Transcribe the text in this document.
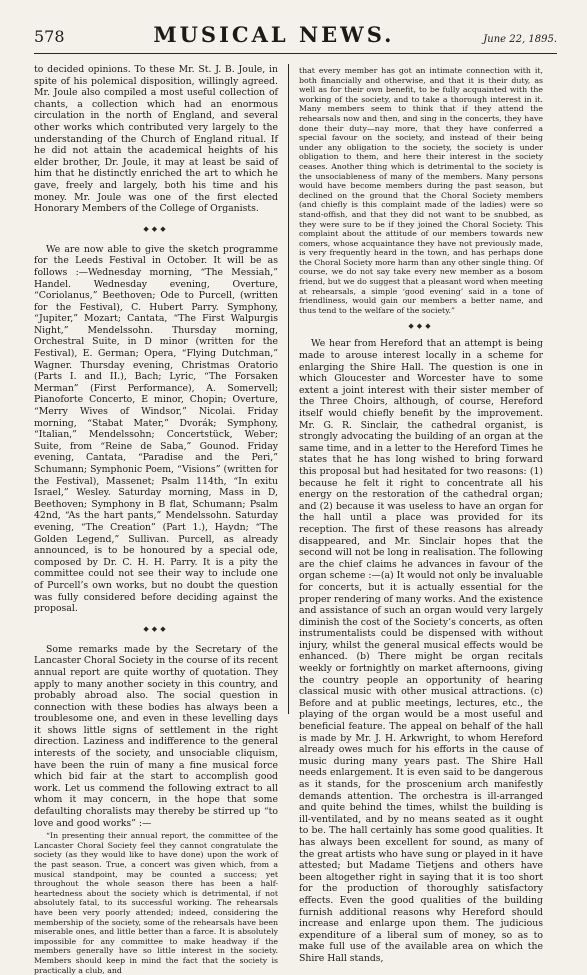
578	MUSICAL NEWS.	June 22, 1895.

to decided opinions. To these Mr. St. J. B. Joule, in spite of his polemical disposition, willingly agreed. Mr. Joule also compiled a most useful collection of chants, a collection which had an enormous circulation in the north of England, and several other works which contributed very largely to the understanding of the Church of England ritual. If he did not attain the academical heights of his elder brother, Dr. Joule, it may at least be said of him that he distinctly enriched the art to which he gave, freely and largely, both his time and his money. Mr. Joule was one of the first elected Honorary Members of the College of Organists.

◆◆◆

We are now able to give the sketch programme for the Leeds Festival in October. It will be as follows :—Wednesday morning, “The Messiah,” Handel. Wednesday evening, Overture, “Coriolanus,” Beethoven; Ode to Purcell, (written for the Festival), C. Hubert Parry. Symphony, “Jupiter,” Mozart; Cantata, “The First Walpurgis Night,” Mendelssohn. Thursday morning, Orchestral Suite, in D minor (written for the Festival), E. German; Opera, “Flying Dutchman,” Wagner. Thursday evening, Christmas Oratorio (Parts I. and II.), Bach; Lyric, “The Forsaken Merman” (First Performance), A. Somervell; Pianoforte Concerto, E minor, Chopin; Overture, “Merry Wives of Windsor,” Nicolai. Friday morning, “Stabat Mater,” Dvorák; Symphony, “Italian,” Mendelssohn; Concertstück, Weber; Suite, from “Reine de Saba,” Gounod. Friday evening, Cantata, “Paradise and the Peri,” Schumann; Symphonic Poem, “Visions” (written for the Festival), Massenet; Psalm 114th, “In exitu Israel,” Wesley. Saturday morning, Mass in D, Beethoven; Symphony in B flat, Schumann; Psalm 42nd, “As the hart pants,” Mendelssohn. Saturday evening, “The Creation” (Part 1.), Haydn; “The Golden Legend,” Sullivan. Purcell, as already announced, is to be honoured by a special ode, composed by Dr. C. H. H. Parry. It is a pity the committee could not see their way to include one of Purcell’s own works, but no doubt the question was fully considered before deciding against the proposal.

◆◆◆

Some remarks made by the Secretary of the Lancaster Choral Society in the course of its recent annual report are quite worthy of quotation. They apply to many another society in this country, and probably abroad also. The social question in connection with these bodies has always been a troublesome one, and even in these levelling days it shows little signs of settlement in the right direction. Laziness and indifference to the general interests of the society, and unsociable cliquism, have been the ruin of many a fine musical force which bid fair at the start to accomplish good work. Let us commend the following extract to all whom it may concern, in the hope that some defaulting choralists may thereby be stirred up “to love and good works” :—

“In presenting their annual report, the committee of the Lancaster Choral Society feel they cannot congratulate the society (as they would like to have done) upon the work of the past season. True, a concert was given which, from a musical standpoint, may be counted a success; yet throughout the whole season there has been a half-heartedness about the society which is detrimental, if not absolutely fatal, to its successful working. The rehearsals have been very poorly attended; indeed, considering the membership of the society, some of the rehearsals have been miserable ones, and little better than a farce. It is absolutely impossible for any committee to make headway if the members generally have so little interest in the society. Members should keep in mind the fact that the society is practically a club, and

that every member has got an intimate connection with it, both financially and otherwise, and that it is their duty, as well as for their own benefit, to be fully acquainted with the working of the society, and to take a thorough interest in it. Many members seem to think that if they attend the rehearsals now and then, and sing in the concerts, they have done their duty—nay more, that they have conferred a special favour on the society, and instead of their being under any obligation to the society, the society is under obligation to them, and here their interest in the society ceases. Another thing which is detrimental to the society is the unsociableness of many of the members. Many persons would have become members during the past season, but declined on the ground that the Choral Society members (and chiefly is this complaint made of the ladies) were so stand-offish, and that they did not want to be snubbed, as they were sure to be if they joined the Choral Society. This complaint about the attitude of our members towards new comers, whose acquaintance they have not previously made, is very frequently heard in the town, and has perhaps done the Choral Society more harm than any other single thing. Of course, we do not say take every new member as a bosom friend, but we do suggest that a pleasant word when meeting at rehearsals, a simple ‘good evening’ said in a tone of friendliness, would gain our members a better name, and thus tend to the welfare of the society.”

◆◆◆

We hear from Hereford that an attempt is being made to arouse interest locally in a scheme for enlarging the Shire Hall. The question is one in which Gloucester and Worcester have to some extent a joint interest with their sister member of the Three Choirs, although, of course, Hereford itself would chiefly benefit by the improvement. Mr. G. R. Sinclair, the cathedral organist, is strongly advocating the building of an organ at the same time, and in a letter to the Hereford Times he states that he has long wished to bring forward this proposal but had hesitated for two reasons: (1) because he felt it right to concentrate all his energy on the restoration of the cathedral organ; and (2) because it was useless to have an organ for the hall until a place was provided for its reception. The first of these reasons has already disappeared, and Mr. Sinclair hopes that the second will not be long in realisation. The following are the chief claims he advances in favour of the organ scheme :—(a) It would not only be invaluable for concerts, but it is actually essential for the proper rendering of many works. And the existence and assistance of such an organ would very largely diminish the cost of the Society’s concerts, as often instrumentalists could be dispensed with without injury, whilst the general musical effects would be enhanced. (b) There might be organ recitals weekly or fortnightly on market afternoons, giving the country people an opportunity of hearing classical music with other musical attractions. (c) Before and at public meetings, lectures, etc., the playing of the organ would be a most useful and beneficial feature. The appeal on behalf of the hall is made by Mr. J. H. Arkwright, to whom Hereford already owes much for his efforts in the cause of music during many years past. The Shire Hall needs enlargement. It is even said to be dangerous as it stands, for the proscenium arch manifestly demands attention. The orchestra is ill-arranged and quite behind the times, whilst the building is ill-ventilated, and by no means seated as it ought to be. The hall certainly has some good qualities. It has always been excellent for sound, as many of the great artists who have sung or played in it have attested; but Madame Tietjens and others have been altogether right in saying that it is too short for the production of thoroughly satisfactory effects. Even the good qualities of the building furnish additional reasons why Hereford should increase and enlarge upon them. The judicious expenditure of a liberal sum of money, so as to make full use of the available area on which the Shire Hall stands,
